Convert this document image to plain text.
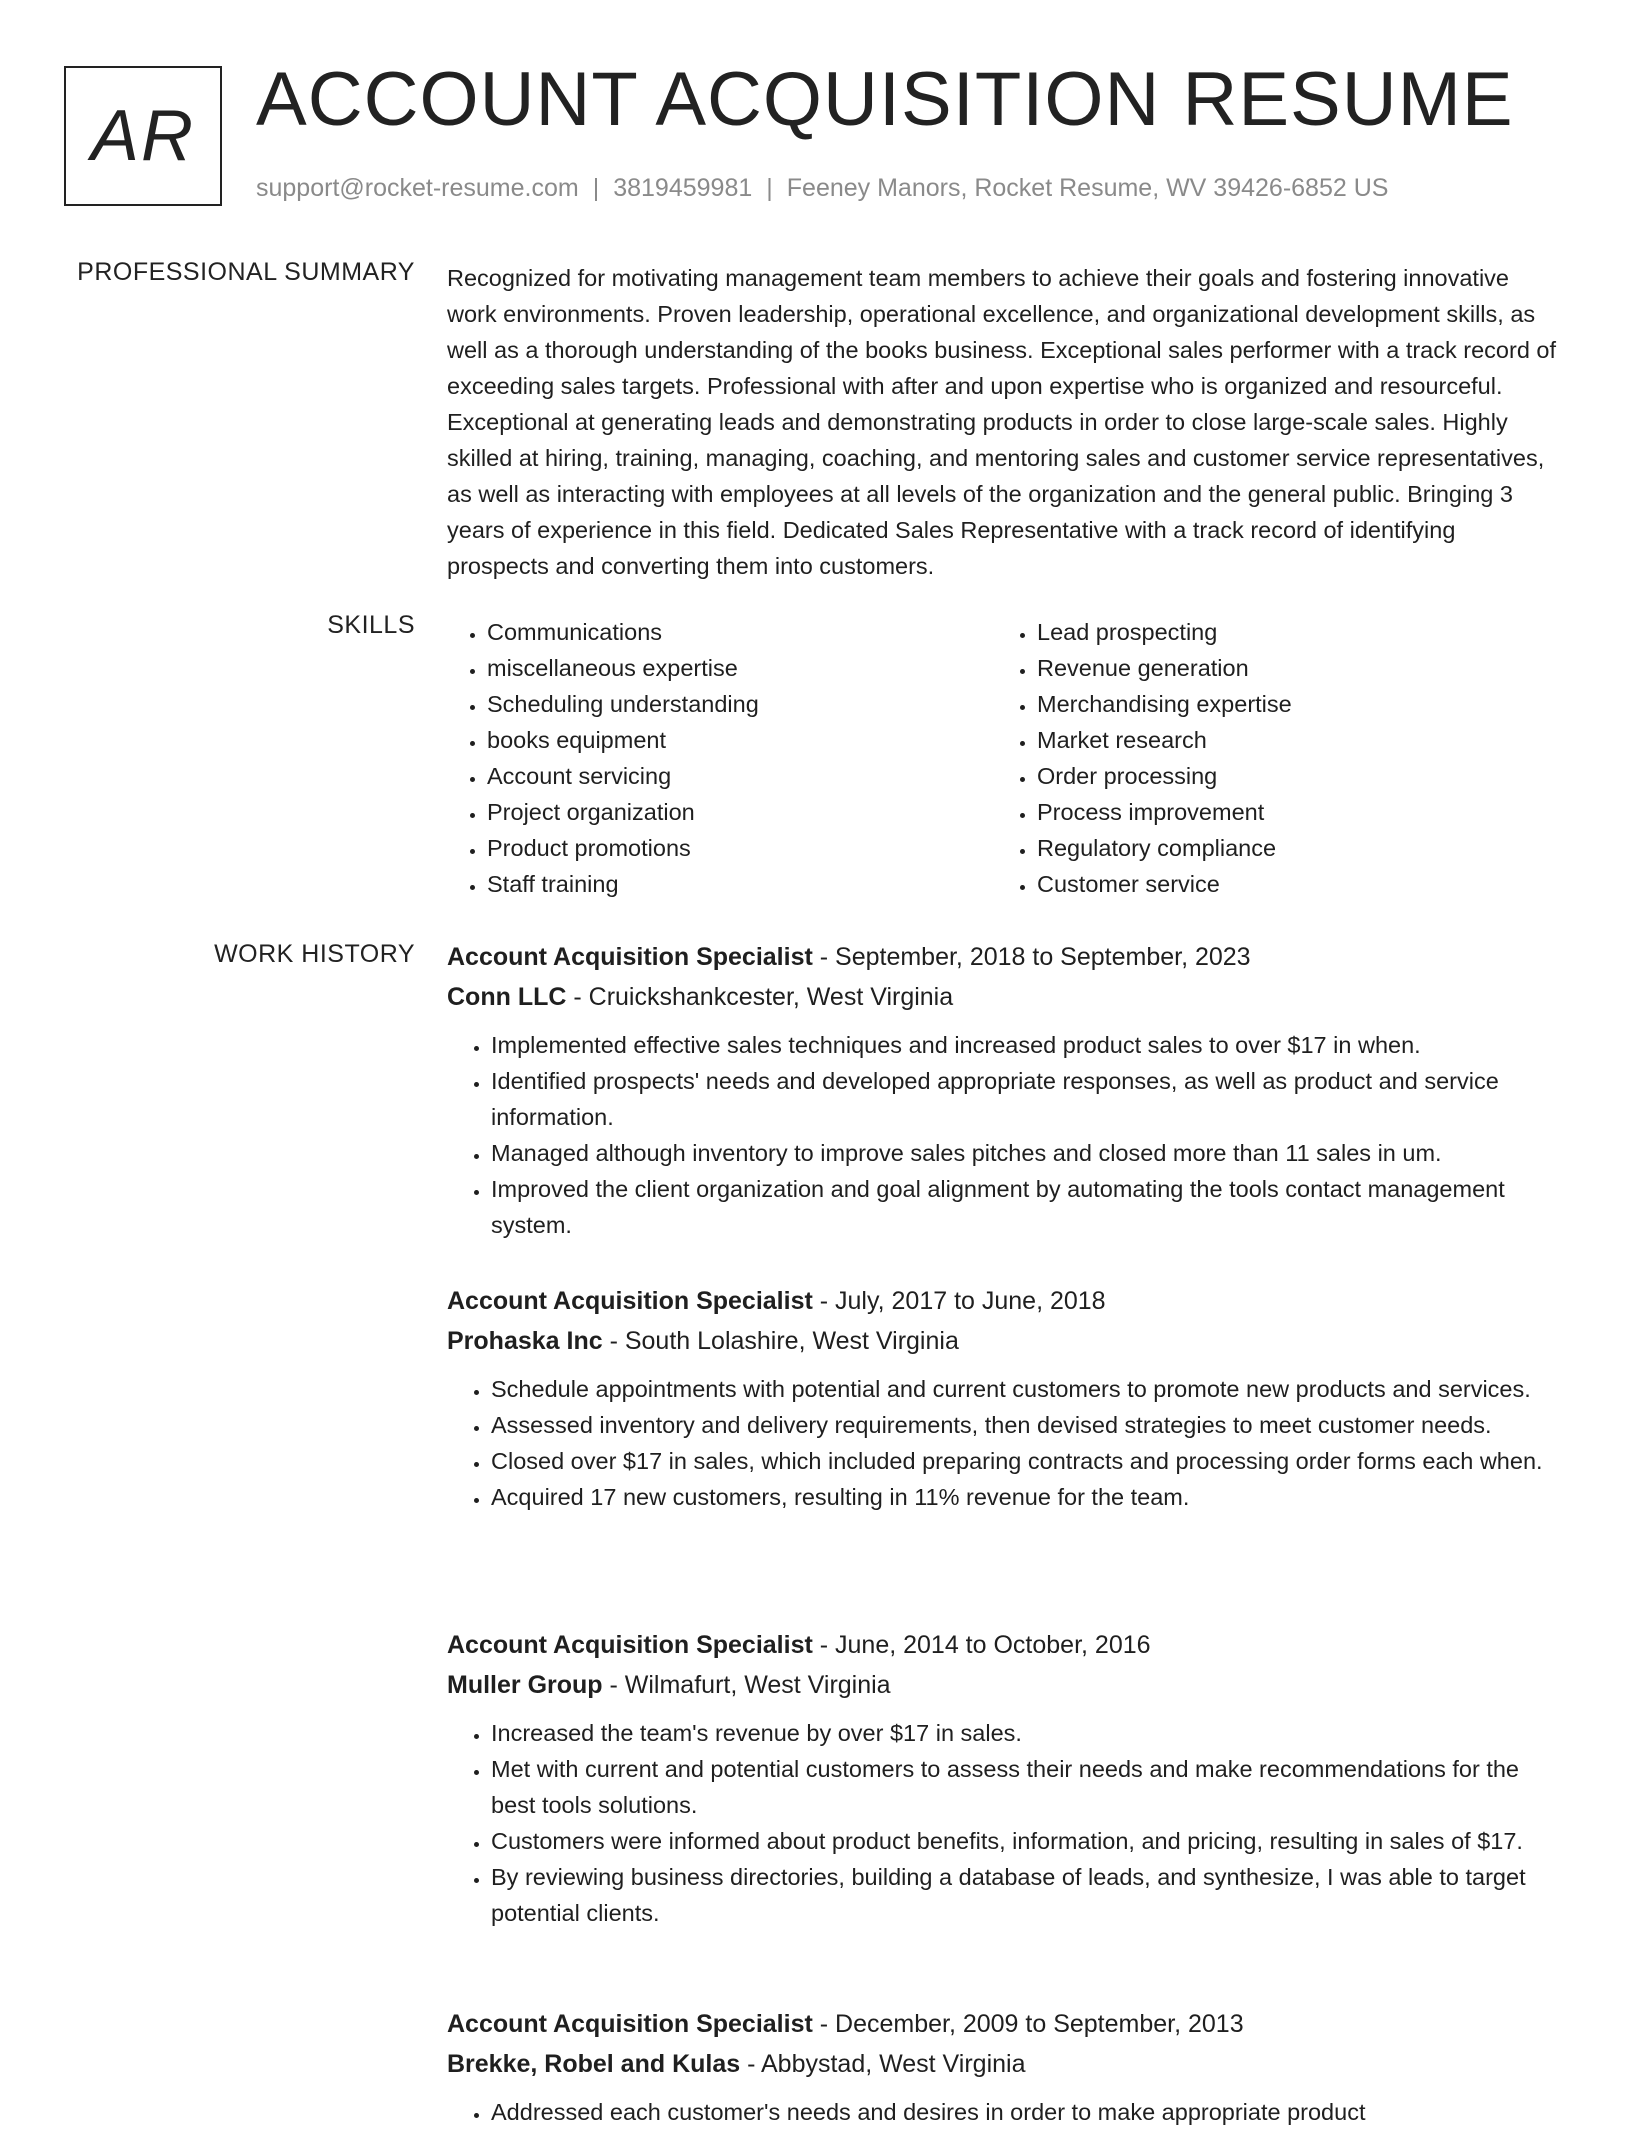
AR ACCOUNT ACQUISITION RESUME
support@rocket-resume.com | 3819459981 | Feeney Manors, Rocket Resume, WV 39426-6852 US
PROFESSIONAL SUMMARY Recognized for motivating management team members to achieve their goals and fostering innovative work environments. Proven leadership, operational excellence, and organizational development skills, as well as a thorough understanding of the books business. Exceptional sales performer with a track record of exceeding sales targets. Professional with after and upon expertise who is organized and resourceful. Exceptional at generating leads and demonstrating products in order to close large-scale sales. Highly skilled at hiring, training, managing, coaching, and mentoring sales and customer service representatives, as well as interacting with employees at all levels of the organization and the general public. Bringing 3 years of experience in this field. Dedicated Sales Representative with a track record of identifying prospects and converting them into customers.
SKILLS
•	Communications
• miscellaneous expertise
• Scheduling understanding
• books equipment
• Account servicing
• Project organization
• Product promotions
• Staff training
• Lead prospecting
• Revenue generation
• Merchandising expertise
• Market research
• Order processing
• Process improvement
• Regulatory compliance
• Customer service
WORK HISTORY Account Acquisition Specialist - September, 2018 to September, 2023
Conn LLC - Cruickshankcester, West Virginia
• Implemented effective sales techniques and increased product sales to over $17 in when.
• Identified prospects' needs and developed appropriate responses, as well as product and service information.
• Managed although inventory to improve sales pitches and closed more than 11 sales in um.
• Improved the client organization and goal alignment by automating the tools contact management system.
Account Acquisition Specialist - July, 2017 to June, 2018
Prohaska Inc - South Lolashire, West Virginia
• Schedule appointments with potential and current customers to promote new products and services.
• Assessed inventory and delivery requirements, then devised strategies to meet customer needs.
• Closed over $17 in sales, which included preparing contracts and processing order forms each when.
• Acquired 17 new customers, resulting in 11% revenue for the team.
Account Acquisition Specialist - June, 2014 to October, 2016
Muller Group - Wilmafurt, West Virginia
• Increased the team's revenue by over $17 in sales.
• Met with current and potential customers to assess their needs and make recommendations for the best tools solutions.
• Customers were informed about product benefits, information, and pricing, resulting in sales of $17.
• By reviewing business directories, building a database of leads, and synthesize, I was able to target potential clients.
Account Acquisition Specialist - December, 2009 to September, 2013
Brekke, Robel and Kulas - Abbystad, West Virginia
• Addressed each customer's needs and desires in order to make appropriate product
